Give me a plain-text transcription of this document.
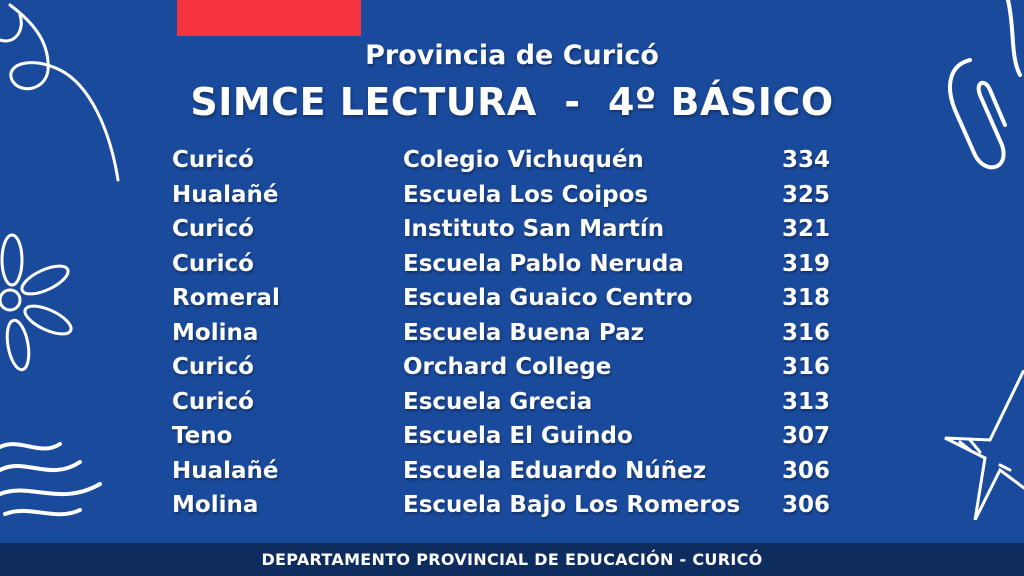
Provincia de Curicó
SIMCE LECTURA  -  4º BÁSICO
Curicó	Colegio Vichuquén	334
Hualañé	Escuela Los Coipos	325
Curicó	Instituto San Martín	321
Curicó	Escuela Pablo Neruda	319
Romeral	Escuela Guaico Centro	318
Molina	Escuela Buena Paz	316
Curicó	Orchard College	316
Curicó	Escuela Grecia	313
Teno	Escuela El Guindo	307
Hualañé	Escuela Eduardo Núñez	306
Molina	Escuela Bajo Los Romeros 306
DEPARTAMENTO PROVINCIAL DE EDUCACIÓN - CURICÓ
